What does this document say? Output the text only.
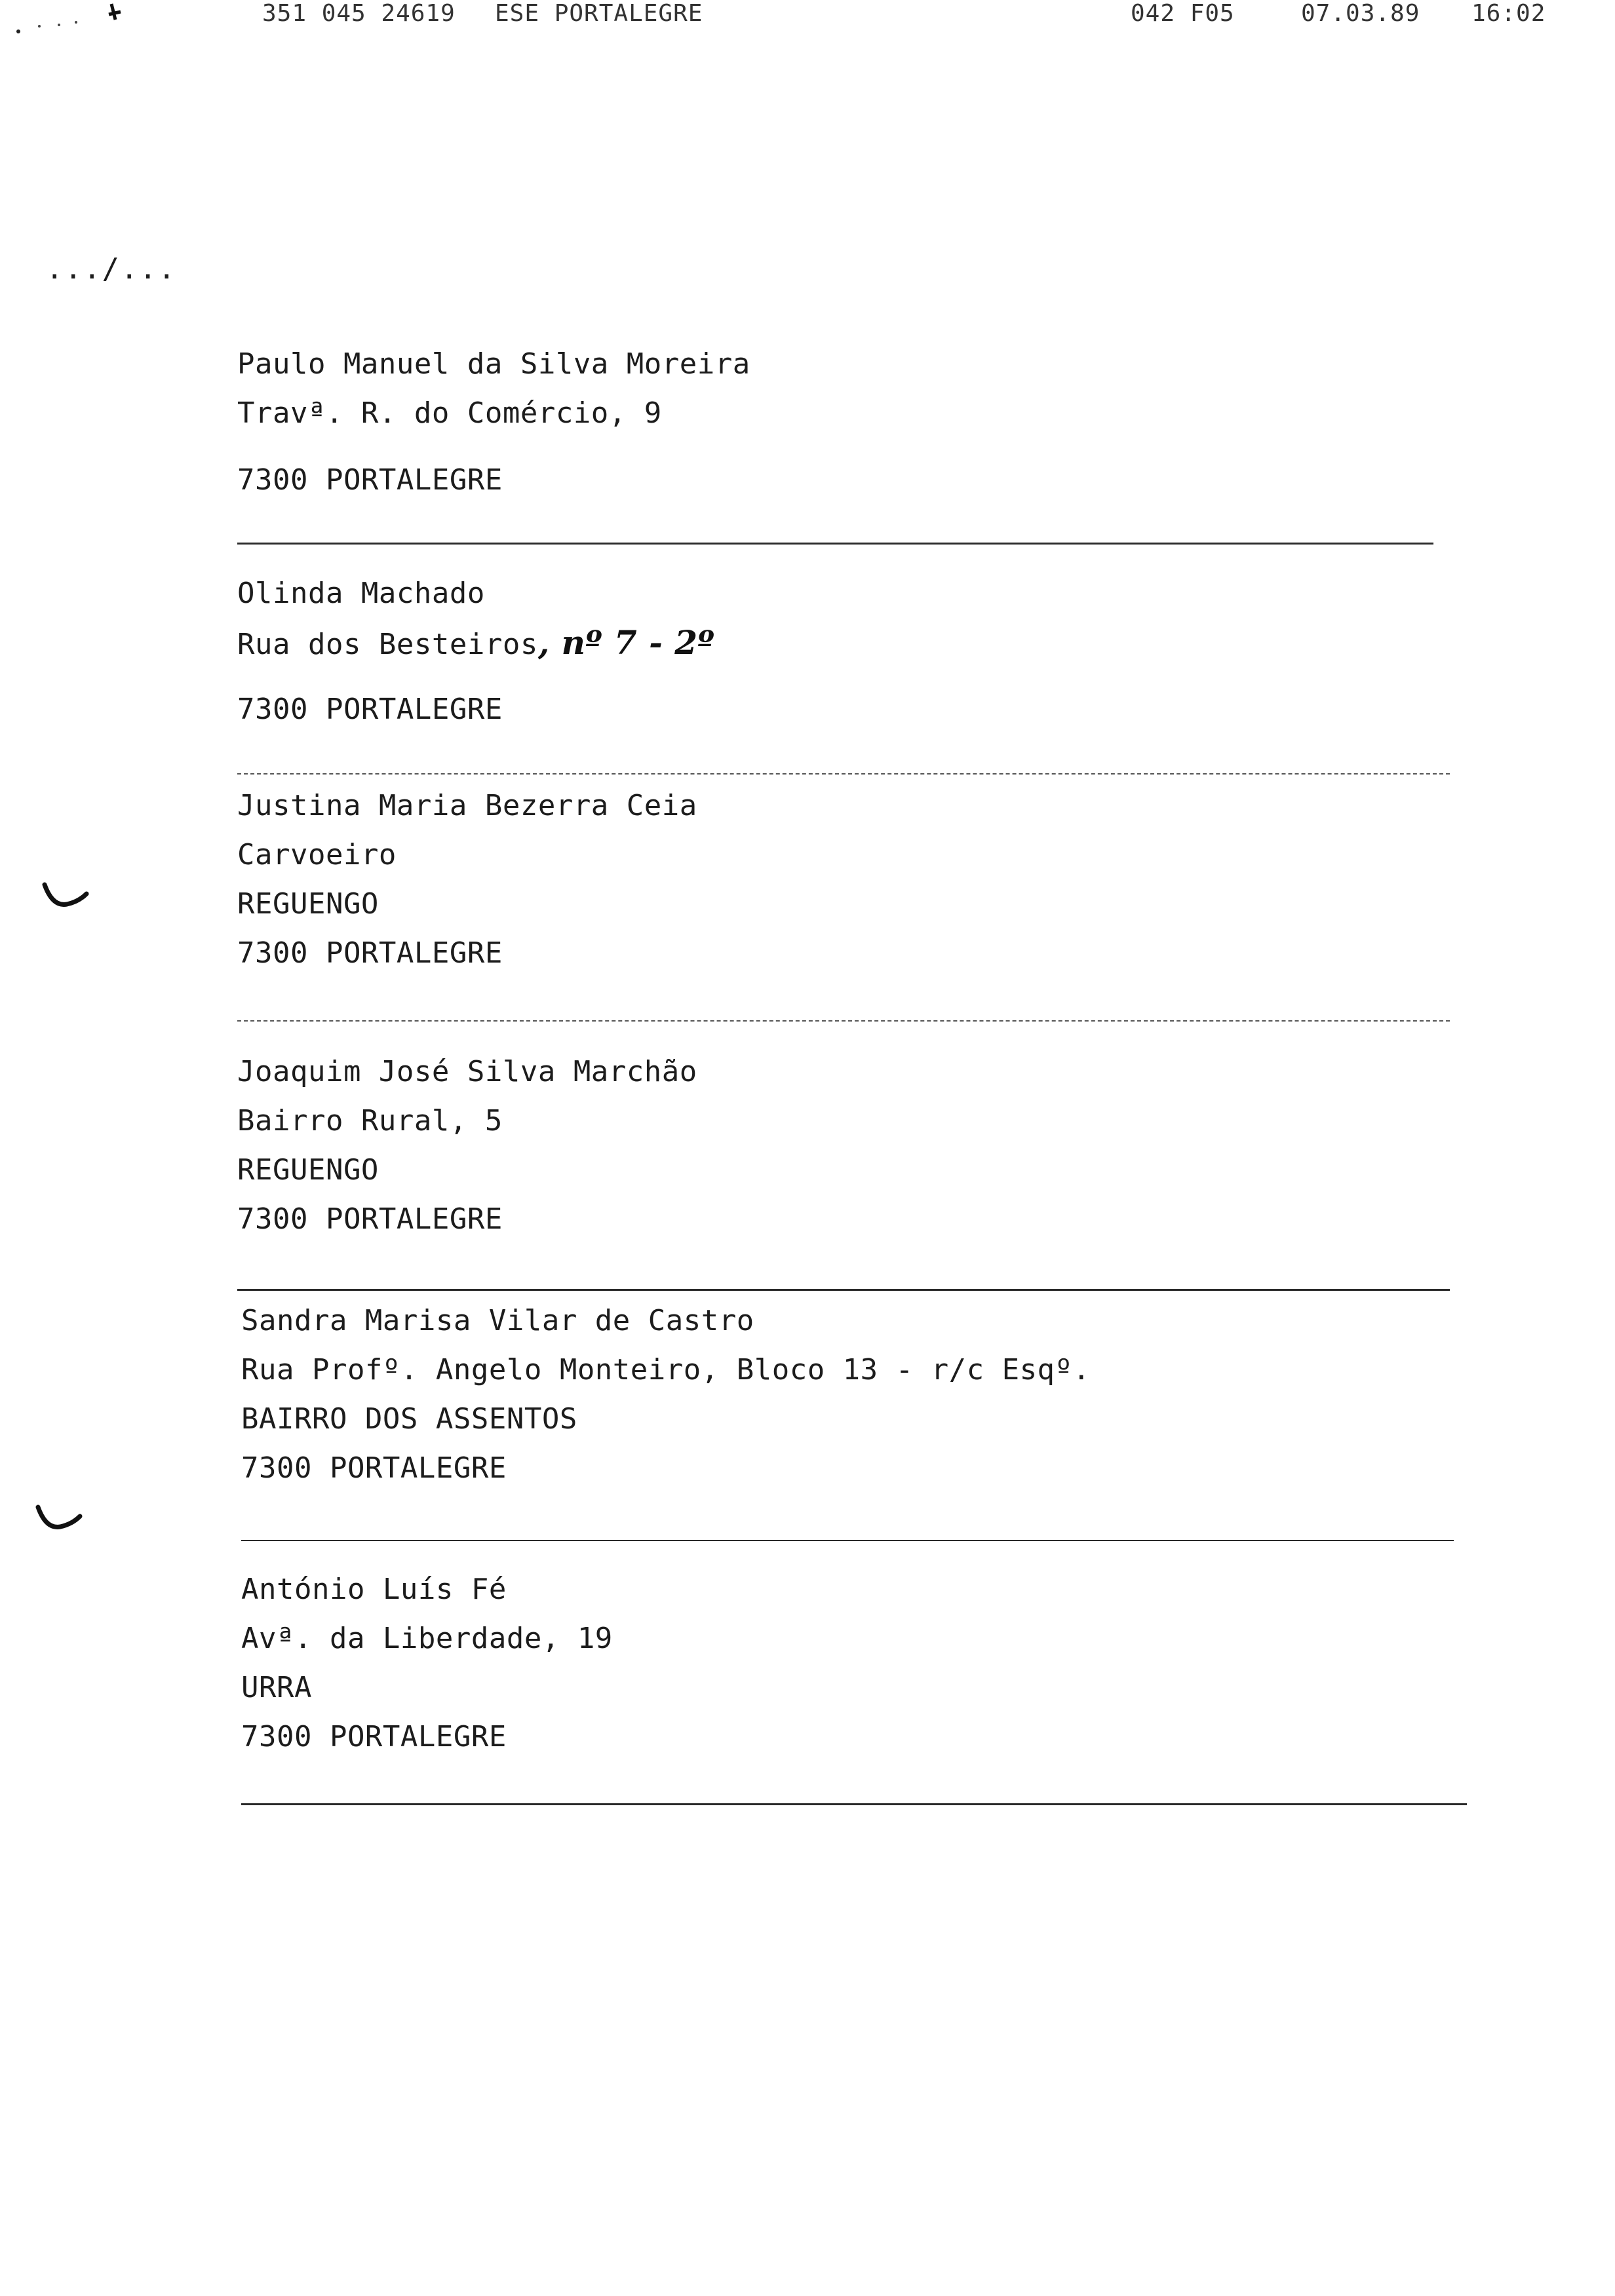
351 045 24619 ESE PORTALEGRE	042 F05	07.03.89 16:02
.../...
Paulo Manuel da Silva Moreira
Travª. R. do Comércio, 9
7300 PORTALEGRE
Olinda Machado
Rua dos Besteiros, nº 7 - 2º
7300 PORTALEGRE
Justina Maria Bezerra Ceia
Carvoeiro
REGUENGO
7300 PORTALEGRE
Joaquim José Silva Marchão
Bairro Rural, 5
REGUENGO
7300 PORTALEGRE
Sandra Marisa Vilar de Castro
Rua Profº. Angelo Monteiro, Bloco 13 - r/c Esqº.
BAIRRO DOS ASSENTOS
7300 PORTALEGRE
António Luís Fé
Avª. da Liberdade, 19
URRA
7300 PORTALEGRE
